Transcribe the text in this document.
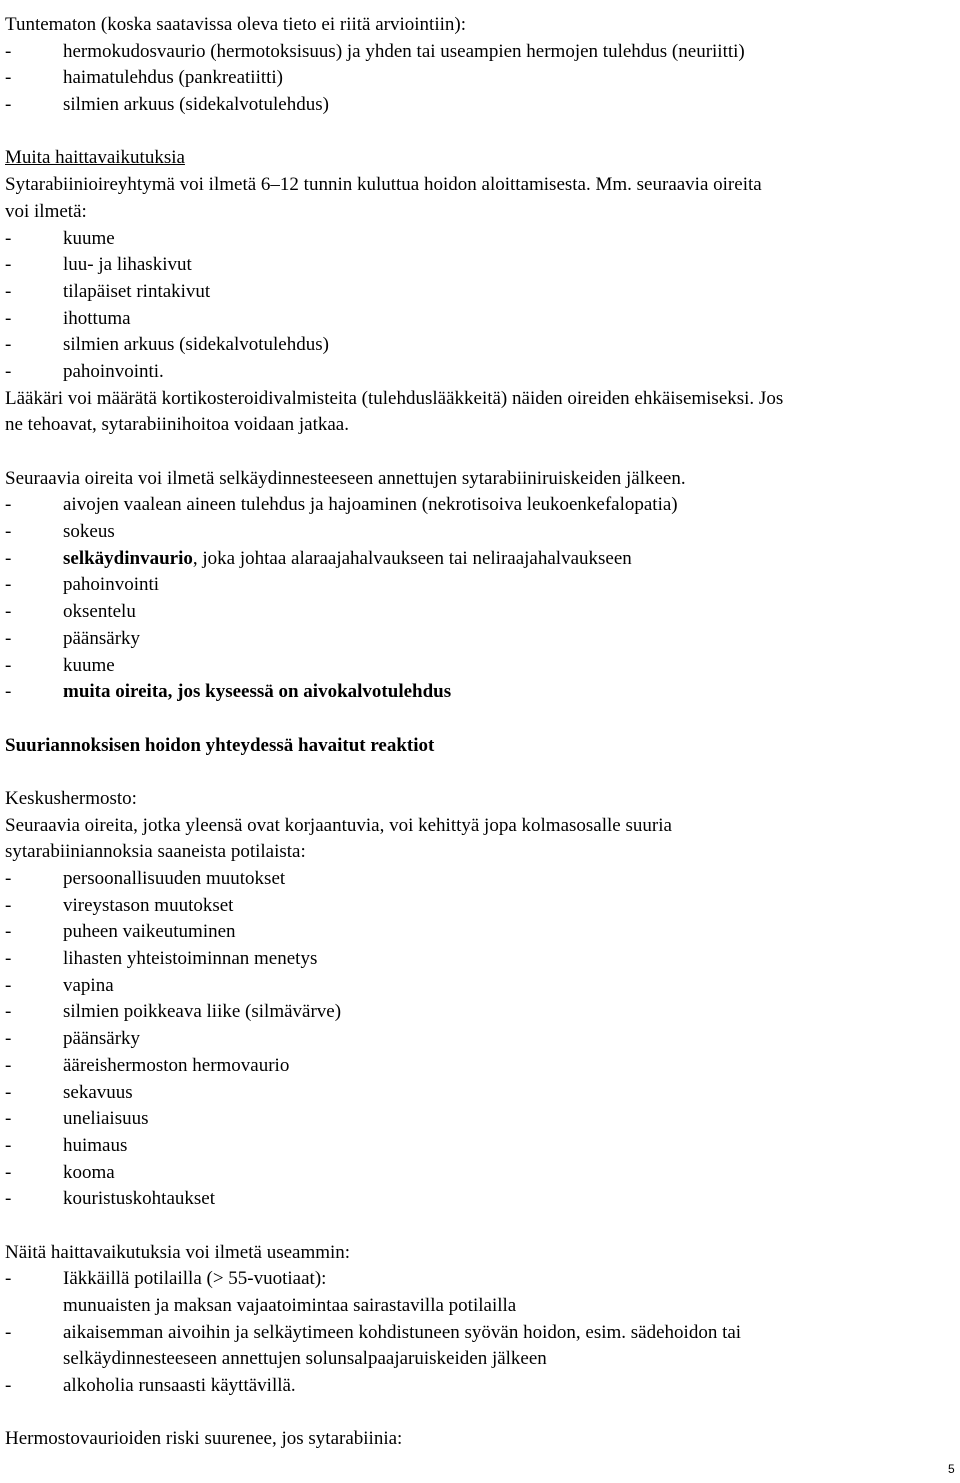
Tuntematon (koska saatavissa oleva tieto ei riitä arviointiin):
-	hermokudosvaurio (hermotoksisuus) ja yhden tai useampien hermojen tulehdus (neuriitti)
-	haimatulehdus (pankreatiitti)
-	silmien arkuus (sidekalvotulehdus)
Muita haittavaikutuksia
Sytarabiinioireyhtymä voi ilmetä 6–12 tunnin kuluttua hoidon aloittamisesta. Mm. seuraavia oireita
voi ilmetä:
-	kuume
-	luu- ja lihaskivut
-	tilapäiset rintakivut
-	ihottuma
-	silmien arkuus (sidekalvotulehdus)
-	pahoinvointi.
Lääkäri voi määrätä kortikosteroidivalmisteita (tulehduslääkkeitä) näiden oireiden ehkäisemiseksi. Jos
ne tehoavat, sytarabiinihoitoa voidaan jatkaa.
Seuraavia oireita voi ilmetä selkäydinnesteeseen annettujen sytarabiiniruiskeiden jälkeen.
-	aivojen vaalean aineen tulehdus ja hajoaminen (nekrotisoiva leukoenkefalopatia)
-	sokeus
-	selkäydinvaurio, joka johtaa alaraajahalvaukseen tai neliraajahalvaukseen
-	pahoinvointi
-	oksentelu
-	päänsärky
-	kuume
-	muita oireita, jos kyseessä on aivokalvotulehdus
Suuriannoksisen hoidon yhteydessä havaitut reaktiot
Keskushermosto:
Seuraavia oireita, jotka yleensä ovat korjaantuvia, voi kehittyä jopa kolmasosalle suuria
sytarabiiniannoksia saaneista potilaista:
-	persoonallisuuden muutokset
-	vireystason muutokset
-	puheen vaikeutuminen
-	lihasten yhteistoiminnan menetys
-	vapina
-	silmien poikkeava liike (silmävärve)
-	päänsärky
-	ääreishermoston hermovaurio
-	sekavuus
-	uneliaisuus
-	huimaus
-	kooma
-	kouristuskohtaukset
Näitä haittavaikutuksia voi ilmetä useammin:
-	Iäkkäillä potilailla (> 55-vuotiaat):
munuaisten ja maksan vajaatoimintaa sairastavilla potilailla
-	aikaisemman aivoihin ja selkäytimeen kohdistuneen syövän hoidon, esim. sädehoidon tai
selkäydinnesteeseen annettujen solunsalpaajaruiskeiden jälkeen
-	alkoholia runsaasti käyttävillä.
Hermostovaurioiden riski suurenee, jos sytarabiinia:
5
